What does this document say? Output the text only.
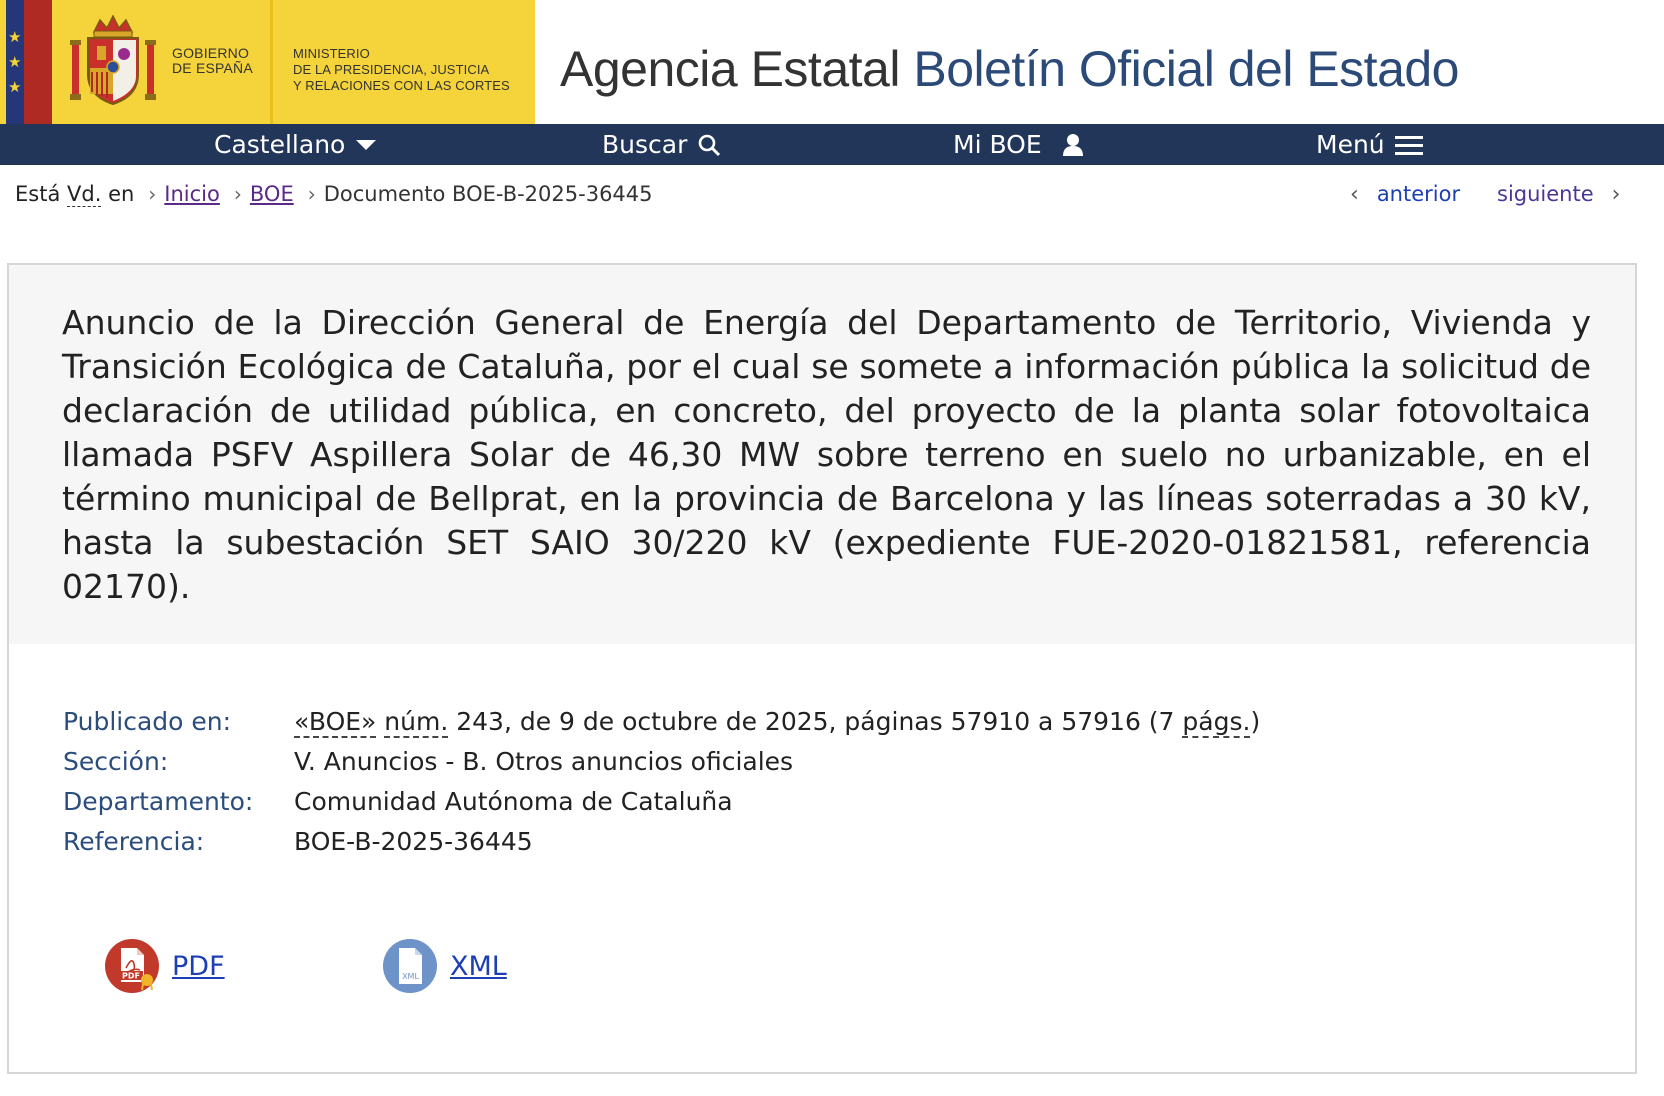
★
★
★
GOBIERNO
DE ESPAÑA
MINISTERIO
DE LA PRESIDENCIA, JUSTICIA
Y RELACIONES CON LAS CORTES Agencia Estatal Boletín Oficial del Estado
Castellano	Buscar	Mi BOE	Menú
Está
Vd.
en › Inicio › BOE › Documento BOE-B-2025-36445	‹ anterior siguiente ›
Anuncio de la Dirección General de Energía del Departamento de Territorio, Vivienda y Transición Ecológica de Cataluña, por el cual se somete a información pública la solicitud de declaración de utilidad pública, en concreto, del proyecto de la planta solar fotovoltaica llamada PSFV Aspillera Solar de 46,30 MW sobre terreno en suelo no urbanizable, en el término municipal de Bellprat, en la provincia de Barcelona y las líneas soterradas a 30 kV, hasta la subestación SET SAIO 30/220 kV (expediente FUE-2020-01821581, referencia 02170).
Publicado en:	«BOE» núm. 243, de 9 de octubre de 2025, páginas 57910 a 57916 (7 págs.)
Sección:	V. Anuncios - B. Otros anuncios oficiales
Departamento:	Comunidad Autónoma de Cataluña
Referencia:	BOE-B-2025-36445
PDF PDF	XML XML
